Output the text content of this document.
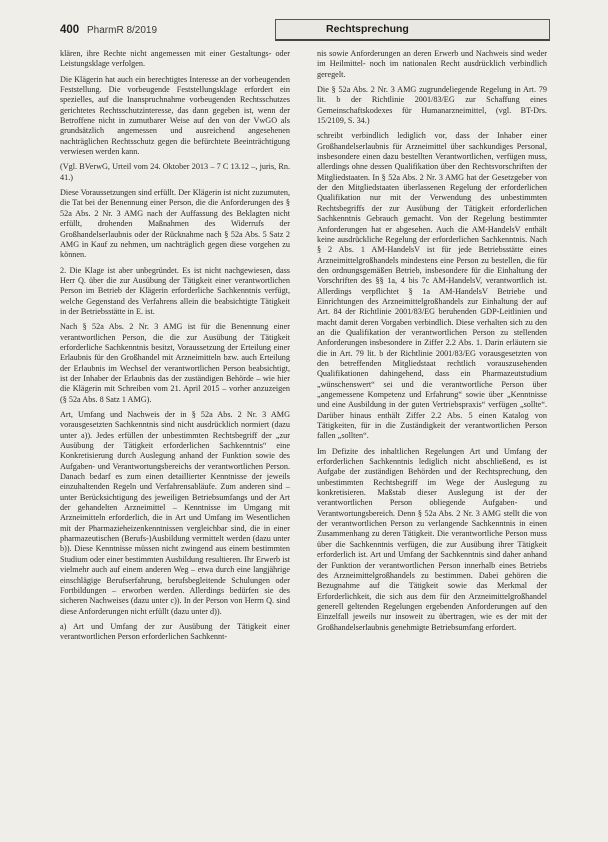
400 PharmR 8/2019	Rechtsprechung

klären, ihre Rechte nicht angemessen mit einer Gestaltungs- oder Leistungsklage verfolgen.

Die Klägerin hat auch ein berechtigtes Interesse an der vorbeugenden Feststellung. Die vorbeugende Feststellungsklage erfordert ein spezielles, auf die Inanspruchnahme vorbeugenden Rechtsschutzes gerichtetes Rechtsschutzinteresse, das dann gegeben ist, wenn der Betroffene nicht in zumutbarer Weise auf den von der VwGO als grundsätzlich angemessen und ausreichend angesehenen nachträglichen Rechtsschutz gegen die befürchtete Beeinträchtigung verwiesen werden kann.

(Vgl. BVerwG, Urteil vom 24. Oktober 2013 – 7 C 13.12 –, juris, Rn. 41.)

Diese Voraussetzungen sind erfüllt. Der Klägerin ist nicht zuzumuten, die Tat bei der Benennung einer Person, die die Anforderungen des § 52a Abs. 2 Nr. 3 AMG nach der Auffassung des Beklagten nicht erfüllt, drohenden Maßnahmen des Widerrufs der Großhandelserlaubnis oder der Rücknahme nach § 52a Abs. 5 Satz 2 AMG in Kauf zu nehmen, um nachträglich gegen diese vorgehen zu können.

2. Die Klage ist aber unbegründet. Es ist nicht nachgewiesen, dass Herr Q. über die zur Ausübung der Tätigkeit einer verantwortlichen Person im Betrieb der Klägerin erforderliche Sachkenntnis verfügt, welche Gegenstand des Verfahrens allein die beabsichtigte Tätigkeit in der Betriebsstätte in E. ist.

Nach § 52a Abs. 2 Nr. 3 AMG ist für die Benennung einer verantwortlichen Person, die die zur Ausübung der Tätigkeit erforderliche Sachkenntnis besitzt, Voraussetzung der Erteilung einer Erlaubnis für den Großhandel mit Arzneimitteln bzw. auch Erteilung der Erlaubnis im Wechsel der verantwortlichen Person beabsichtigt, ist der Inhaber der Erlaubnis das der zuständigen Behörde – wie hier die Klägerin mit Schreiben vom 21. April 2015 – vorher anzuzeigen (§ 52a Abs. 8 Satz 1 AMG).

Art, Umfang und Nachweis der in § 52a Abs. 2 Nr. 3 AMG vorausgesetzten Sachkenntnis sind nicht ausdrücklich normiert (dazu unter a)). Jedes erfüllen der unbestimmten Rechtsbegriff der „zur Ausübung der Tätigkeit erforderlichen Sachkenntnis“ eine Konkretisierung durch Auslegung anhand der Funktion sowie des Aufgaben- und Verantwortungsbereichs der verantwortlichen Person. Danach bedarf es zum einen detaillierter Kenntnisse der jeweils einzuhaltenden Regeln und Verfahrensabläufe. Zum anderen sind – unter Berücksichtigung des jeweiligen Betriebsumfangs und der Art der gehandelten Arzneimittel – Kenntnisse im Umgang mit Arzneimitteln erforderlich, die in Art und Umfang im Wesentlichen mit der Pharmazieheizenkenntnissen vergleichbar sind, die in einer pharmazeutischen (Berufs-)Ausbildung vermittelt werden (dazu unter b)). Diese Kenntnisse müssen nicht zwingend aus einem bestimmten Studium oder einer bestimmten Ausbildung resultieren. Ihr Erwerb ist vielmehr auch auf einem anderen Weg – etwa durch eine langjährige einschlägige Berufserfahrung, berufsbegleitende Schulungen oder Fortbildungen – erworben werden. Allerdings bedürfen sie des sicheren Nachweises (dazu unter c)). In der Person von Herrn Q. sind diese Anforderungen nicht erfüllt (dazu unter d)).

a) Art und Umfang der zur Ausübung der Tätigkeit einer verantwortlichen Person erforderlichen Sachkennt-

nis sowie Anforderungen an deren Erwerb und Nachweis sind weder im Heilmittel- noch im nationalen Recht ausdrücklich verbindlich geregelt.

Die § 52a Abs. 2 Nr. 3 AMG zugrundeliegende Regelung in Art. 79 lit. b der Richtlinie 2001/83/EG zur Schaffung eines Gemeinschaftskodexes für Humanarzneimittel, (vgl. BT-Drs. 15/2109, S. 34.)

schreibt verbindlich lediglich vor, dass der Inhaber einer Großhandelserlaubnis für Arzneimittel über sachkundiges Personal, insbesondere einen dazu bestellten Verantwortlichen, verfügen muss, allerdings ohne dessen Qualifikation über den Rechtsvorschriften der Mitgliedstaaten. In § 52a Abs. 2 Nr. 3 AMG hat der Gesetzgeber von der den Mitgliedstaaten überlassenen Regelung der erforderlichen Qualifikation nur mit der Verwendung des unbestimmten Rechtsbegriffs der zur Ausübung der Tätigkeit erforderlichen Sachkenntnis Gebrauch gemacht. Von der Regelung bestimmter Anforderungen hat er abgesehen. Auch die AM-HandelsV enthält keine ausdrückliche Regelung der erforderlichen Sachkenntnis. Nach § 2 Abs. 1 AM-HandelsV ist für jede Betriebsstätte eines Arzneimittelgroßhandels mindestens eine Person zu bestellen, die für den ordnungsgemäßen Betrieb, insbesondere für die Einhaltung der Vorschriften des §§ 1a, 4 bis 7c AM-HandelsV, verantwortlich ist. Allerdings verpflichtet § 1a AM-HandelsV Betriebe und Einrichtungen des Arzneimittelgroßhandels zur Einhaltung der auf Art. 84 der Richtlinie 2001/83/EG beruhenden GDP-Leitlinien und macht damit deren Vorgaben verbindlich. Diese verhalten sich zu den an die Qualifikation der verantwortlichen Person zu stellenden Anforderungen insbesondere in Ziffer 2.2 Abs. 1. Darin erläutern sie die in Art. 79 lit. b der Richtlinie 2001/83/EG vorausgesetzten von den betreffenden Mitgliedstaat rechtlich vorauszusehenden Qualifikationen dahingehend, dass ein Pharmazeutstudium „wünschenswert“ sei und die verantwortliche Person über „angemessene Kompetenz und Erfahrung“ sowie über „Kenntnisse und eine Ausbildung in der guten Vertriebspraxis“ verfügen „sollte“. Darüber hinaus enthält Ziffer 2.2 Abs. 5 einen Katalog von Tätigkeiten, für in die Zuständigkeit der verantwortlichen Person fallen „sollten“.

Im Defizite des inhaltlichen Regelungen Art und Umfang der erforderlichen Sachkenntnis lediglich nicht abschließend, es ist Aufgabe der zuständigen Behörden und der Rechtsprechung, den unbestimmten Rechtsbegriff im Wege der Auslegung zu konkretisieren. Maßstab dieser Auslegung ist der der verantwortlichen Person obliegende Aufgaben- und Verantwortungsbereich. Denn § 52a Abs. 2 Nr. 3 AMG stellt die von der verantwortlichen Person zu verlangende Sachkenntnis in einen Zusammenhang zu deren Tätigkeit. Die verantwortliche Person muss über die Sachkenntnis verfügen, die zur Ausübung ihrer Tätigkeit erforderlich ist. Art und Umfang der Sachkenntnis sind daher anhand der Funktion der verantwortlichen Person innerhalb eines Betriebs des Arzneimittelgroßhandels zu bestimmen. Dabei gehören die Bezugnahme auf die Tätigkeit sowie das Merkmal der Erforderlichkeit, die sich aus dem für den Arzneimittelgroßhandel generell geltenden Regelungen ergebenden Anforderungen auf den Einzelfall jeweils nur insoweit zu übertragen, wie es der mit der Großhandelserlaubnis genehmigte Betriebsumfang erfordert.
